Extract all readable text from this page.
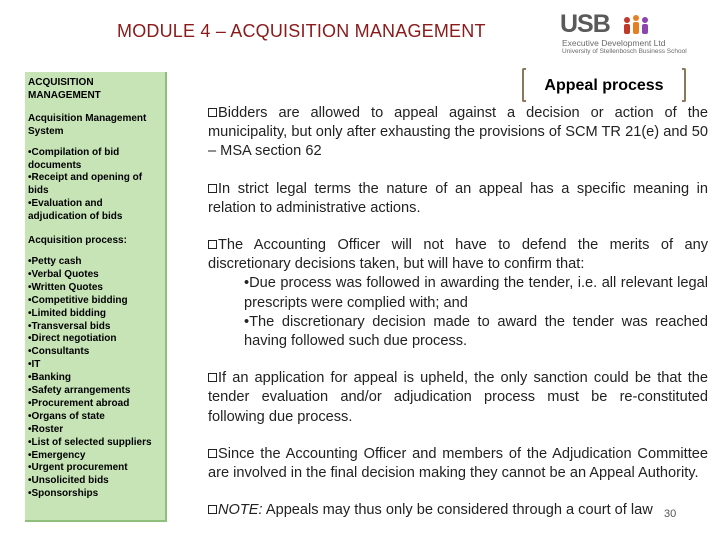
MODULE 4 – ACQUISITION MANAGEMENT	USB
Executive Development Ltd
University of Stellenbosch Business School
ACQUISITION MANAGEMENT
Acquisition Management System
•Compilation of bid documents
•Receipt and opening of bids
•Evaluation and adjudication of bids
Acquisition process:
•Petty cash
•Verbal Quotes
•Written Quotes
•Competitive bidding
•Limited bidding
•Transversal bids
•Direct negotiation
•Consultants
•IT
•Banking
•Safety arrangements
•Procurement abroad
•Organs of state
•Roster
•List of selected suppliers
•Emergency
•Urgent procurement
•Unsolicited bids
•Sponsorships
Appeal process

Bidders are allowed to appeal against a decision or action of the municipality, but only after exhausting the provisions of SCM TR 21(e) and 50 – MSA section 62

In strict legal terms the nature of an appeal has a specific meaning in relation to administrative actions.

The Accounting Officer will not have to defend the merits of any discretionary decisions taken, but will have to confirm that:

•Due process was followed in awarding the tender, i.e. all relevant legal prescripts were complied with; and

•The discretionary decision made to award the tender was reached having followed such due process.

If an application for appeal is upheld, the only sanction could be that the tender evaluation and/or adjudication process must be re-constituted following due process.

Since the Accounting Officer and members of the Adjudication Committee are involved in the final decision making they cannot be an Appeal Authority.

NOTE: Appeals may thus only be considered through a court of law	30
